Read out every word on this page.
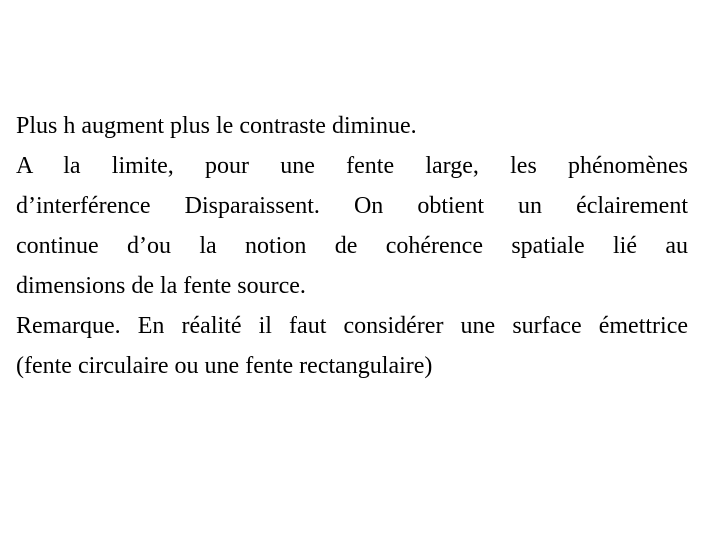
Plus h augment plus le contraste diminue.
A la limite, pour une fente large, les phénomènes
d’interférence Disparaissent. On obtient un éclairement
continue d’ou la notion de cohérence spatiale lié au
dimensions de la fente source.
Remarque. En réalité il faut considérer une surface émettrice
(fente circulaire ou une fente rectangulaire)
